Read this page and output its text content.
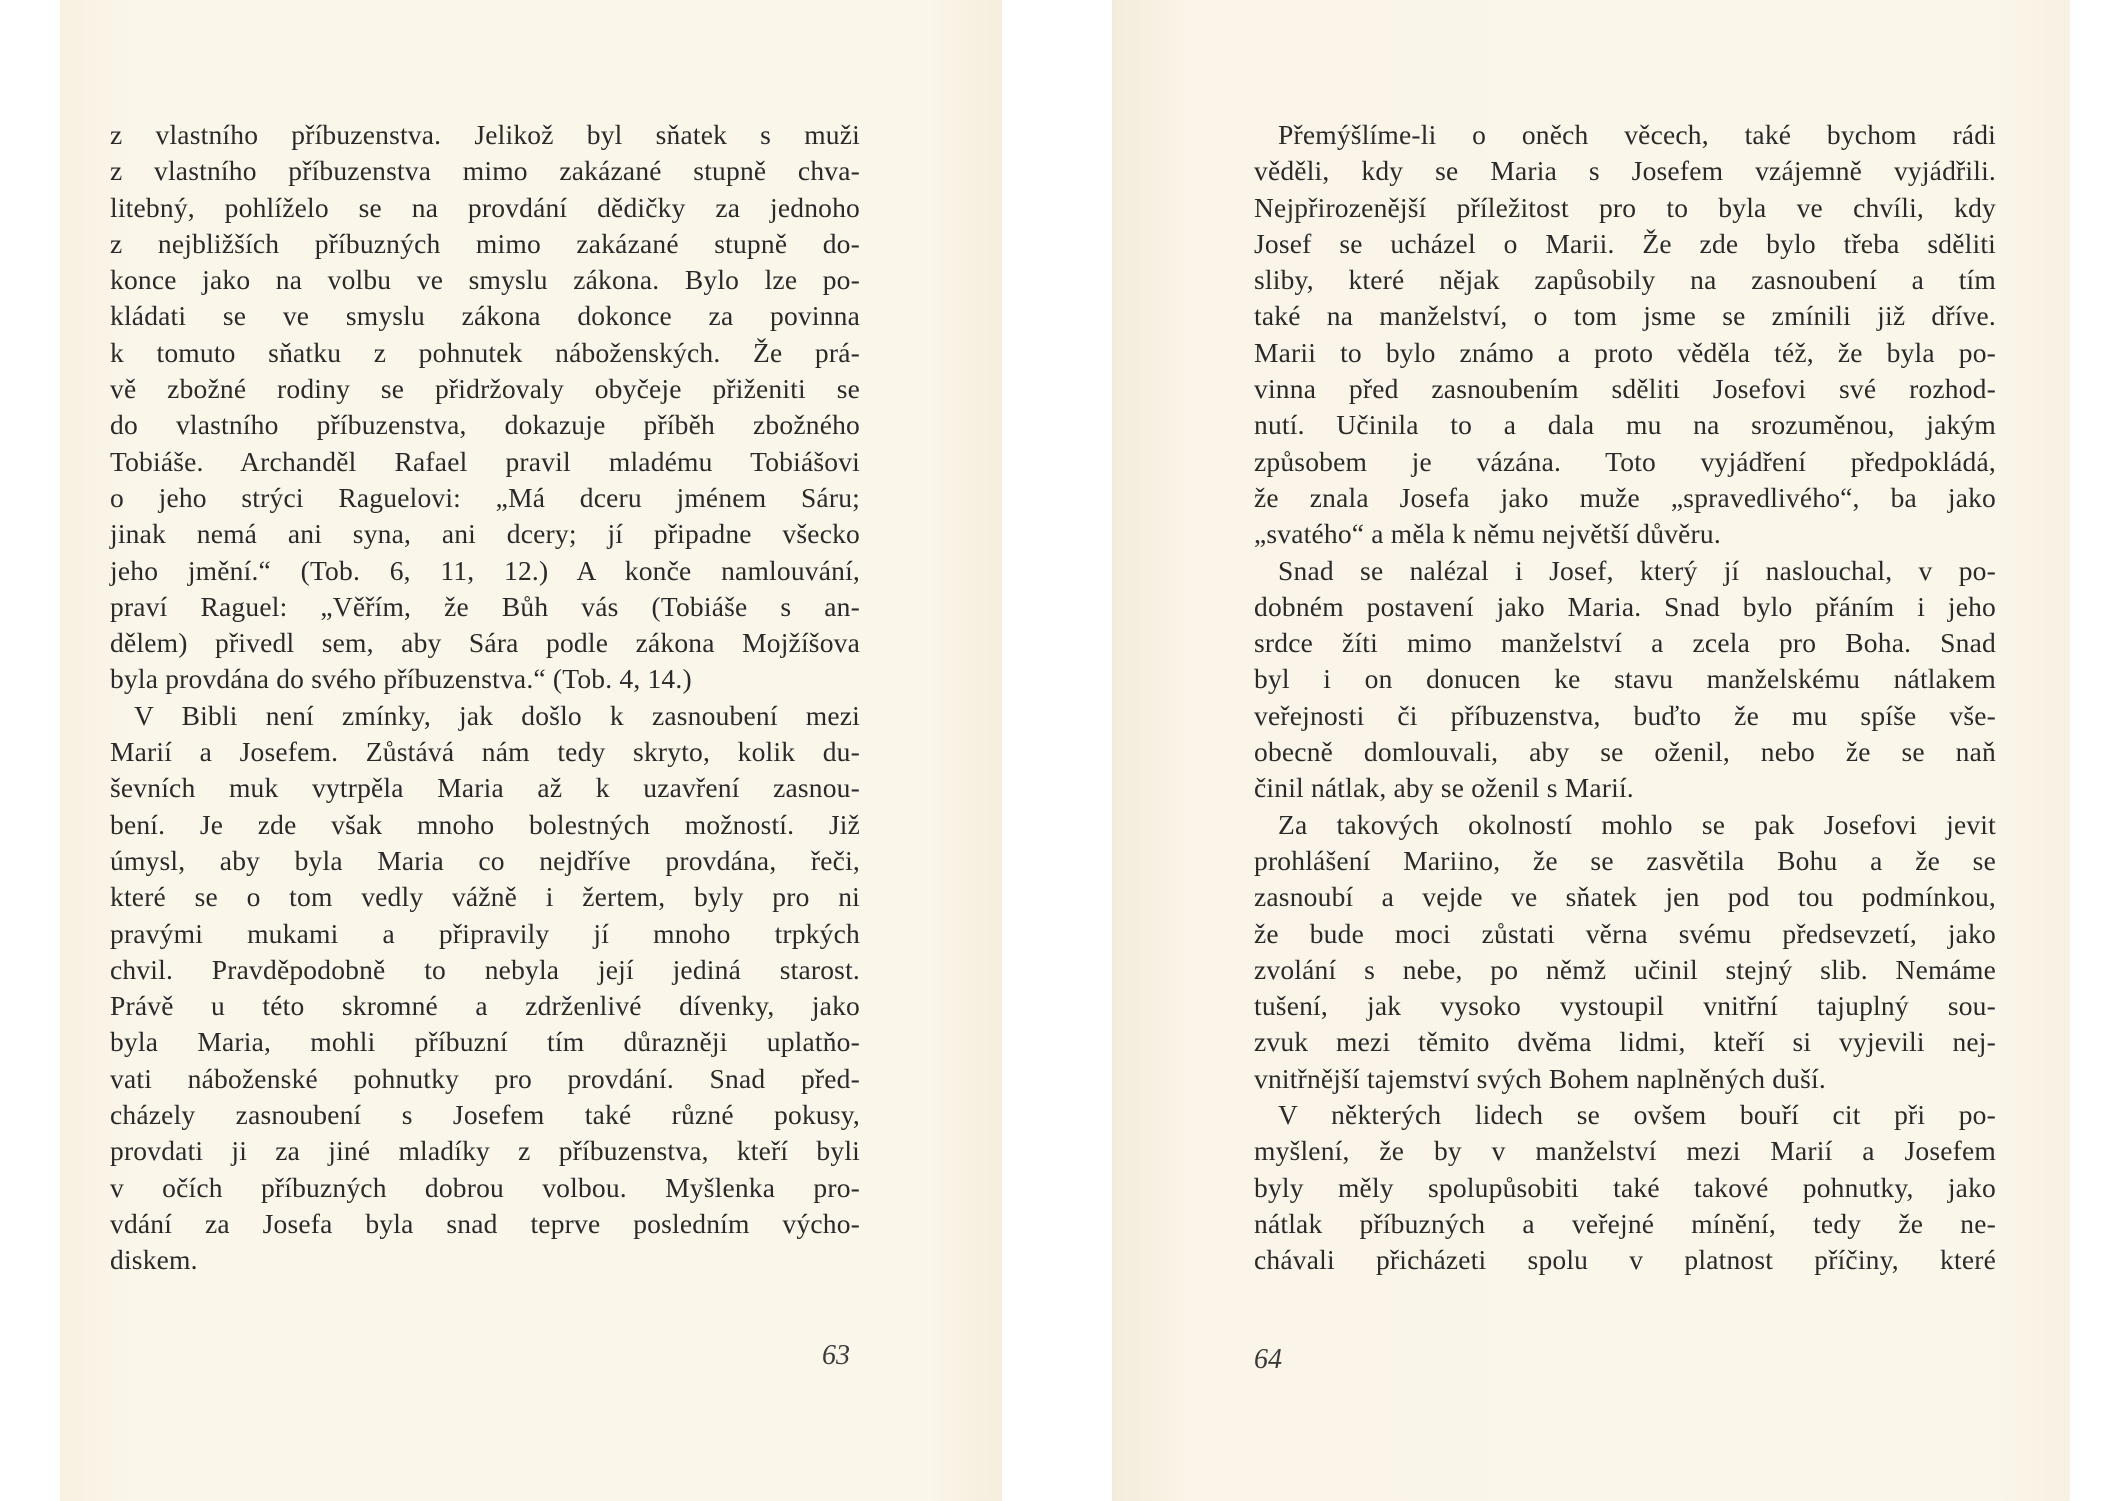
z vlastního příbuzenstva. Jelikož byl sňatek s muži
z vlastního příbuzenstva mimo zakázané stupně chva-
litebný, pohlíželo se na provdání dědičky za jednoho
z nejbližších příbuzných mimo zakázané stupně do-
konce jako na volbu ve smyslu zákona. Bylo lze po-
kládati se ve smyslu zákona dokonce za povinna
k tomuto sňatku z pohnutek náboženských. Že prá-
vě zbožné rodiny se přidržovaly obyčeje přiženiti se
do vlastního příbuzenstva, dokazuje příběh zbožného
Tobiáše. Archanděl Rafael pravil mladému Tobiášovi
o jeho strýci Raguelovi: „Má dceru jménem Sáru;
jinak nemá ani syna, ani dcery; jí připadne všecko
jeho jmění.“ (Tob. 6, 11, 12.) A konče namlouvání,
praví Raguel: „Věřím, že Bůh vás (Tobiáše s an-
dělem) přivedl sem, aby Sára podle zákona Mojžíšova
byla provdána do svého příbuzenstva.“ (Tob. 4, 14.)
V Bibli není zmínky, jak došlo k zasnoubení mezi
Marií a Josefem. Zůstává nám tedy skryto, kolik du-
ševních muk vytrpěla Maria až k uzavření zasnou-
bení. Je zde však mnoho bolestných možností. Již
úmysl, aby byla Maria co nejdříve provdána, řeči,
které se o tom vedly vážně i žertem, byly pro ni
pravými mukami a připravily jí mnoho trpkých
chvil. Pravděpodobně to nebyla její jediná starost.
Právě u této skromné a zdrženlivé dívenky, jako
byla Maria, mohli příbuzní tím důrazněji uplatňo-
vati náboženské pohnutky pro provdání. Snad před-
cházely zasnoubení s Josefem také různé pokusy,
provdati ji za jiné mladíky z příbuzenstva, kteří byli
v očích příbuzných dobrou volbou. Myšlenka pro-
vdání za Josefa byla snad teprve posledním výcho-
diskem.
63
Přemýšlíme-li o oněch věcech, také bychom rádi
věděli, kdy se Maria s Josefem vzájemně vyjádřili.
Nejpřirozenější příležitost pro to byla ve chvíli, kdy
Josef se ucházel o Marii. Že zde bylo třeba sděliti
sliby, které nějak zapůsobily na zasnoubení a tím
také na manželství, o tom jsme se zmínili již dříve.
Marii to bylo známo a proto věděla též, že byla po-
vinna před zasnoubením sděliti Josefovi své rozhod-
nutí. Učinila to a dala mu na srozuměnou, jakým
způsobem je vázána. Toto vyjádření předpokládá,
že znala Josefa jako muže „spravedlivého“, ba jako
„svatého“ a měla k němu největší důvěru.
Snad se nalézal i Josef, který jí naslouchal, v po-
dobném postavení jako Maria. Snad bylo přáním i jeho
srdce žíti mimo manželství a zcela pro Boha. Snad
byl i on donucen ke stavu manželskému nátlakem
veřejnosti či příbuzenstva, buďto že mu spíše vše-
obecně domlouvali, aby se oženil, nebo že se naň
činil nátlak, aby se oženil s Marií.
Za takových okolností mohlo se pak Josefovi jevit
prohlášení Mariino, že se zasvětila Bohu a že se
zasnoubí a vejde ve sňatek jen pod tou podmínkou,
že bude moci zůstati věrna svému předsevzetí, jako
zvolání s nebe, po němž učinil stejný slib. Nemáme
tušení, jak vysoko vystoupil vnitřní tajuplný sou-
zvuk mezi těmito dvěma lidmi, kteří si vyjevili nej-
vnitřnější tajemství svých Bohem naplněných duší.
V některých lidech se ovšem bouří cit při po-
myšlení, že by v manželství mezi Marií a Josefem
byly měly spolupůsobiti také takové pohnutky, jako
nátlak příbuzných a veřejné mínění, tedy že ne-
chávali přicházeti spolu v platnost příčiny, které
64
